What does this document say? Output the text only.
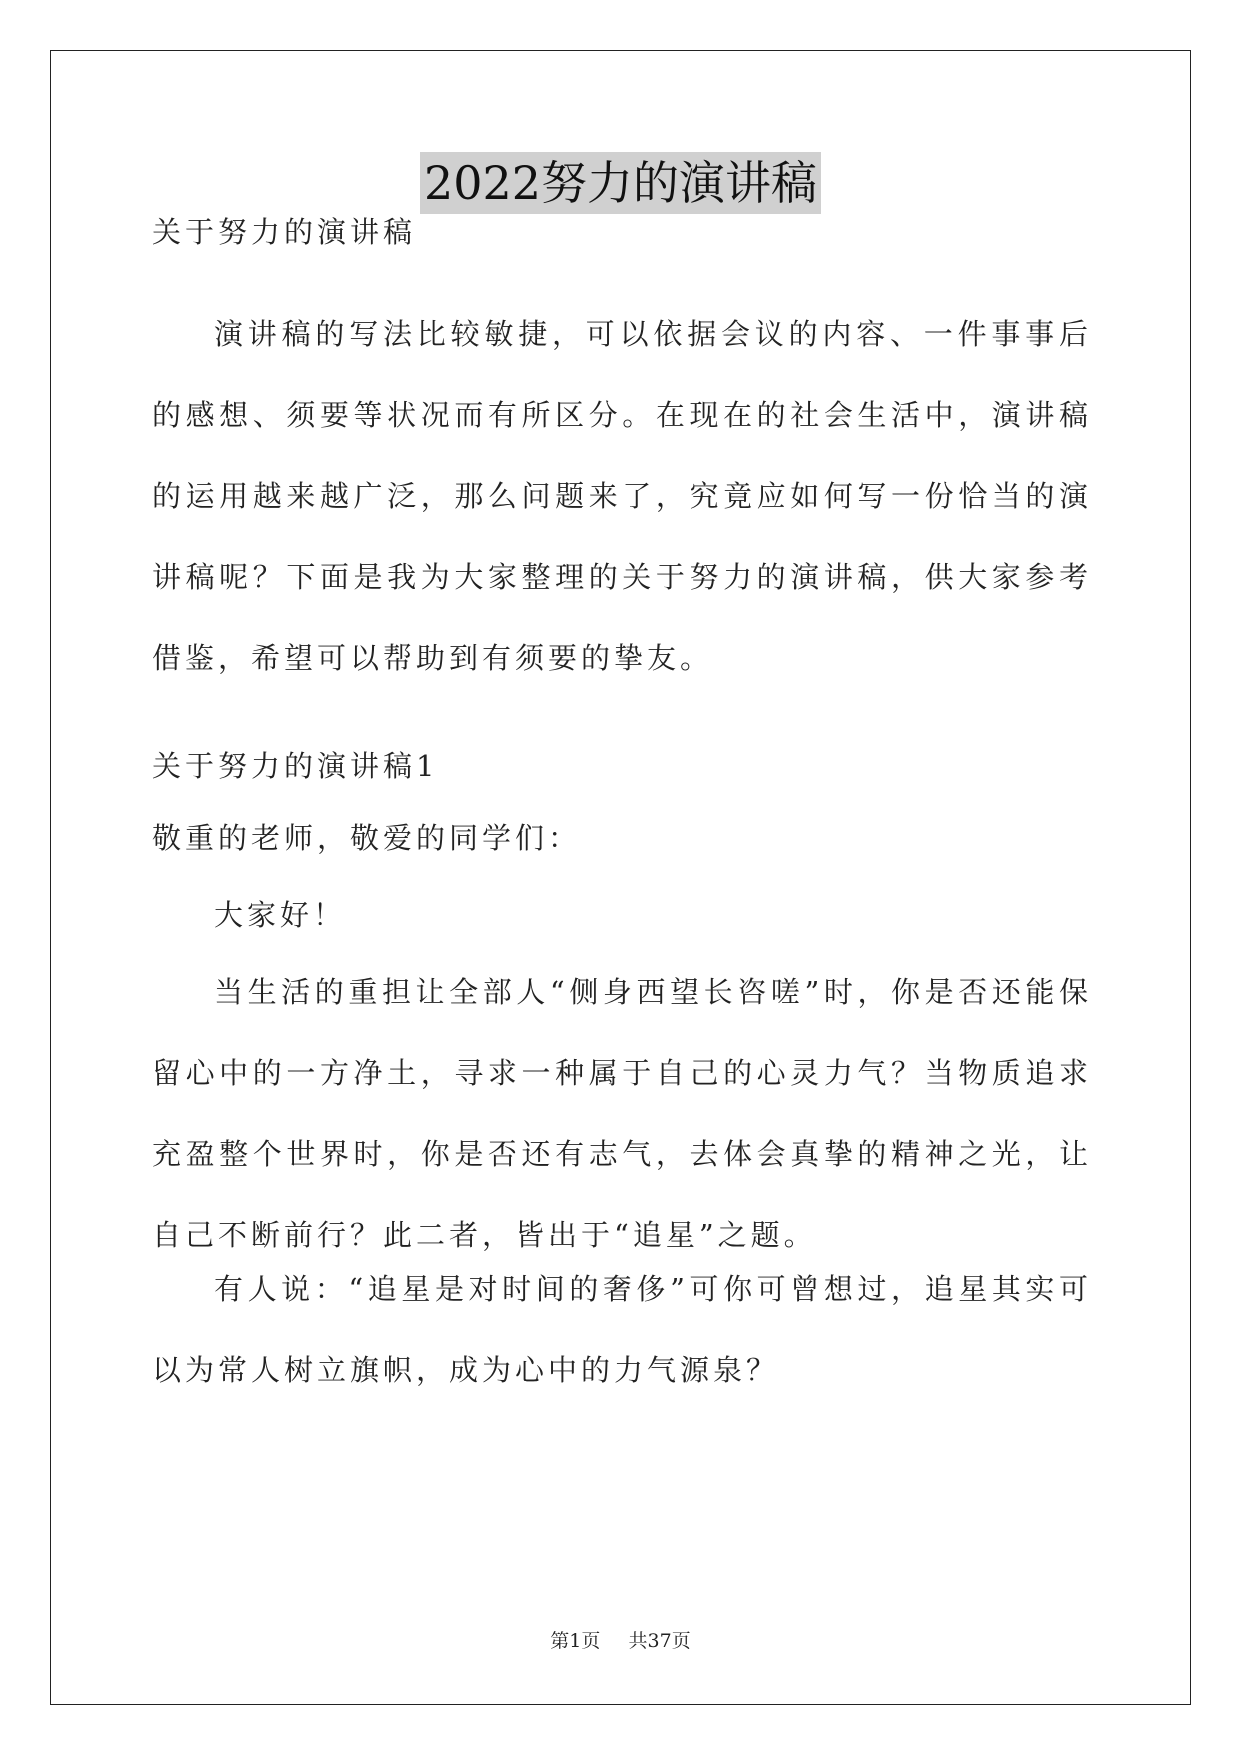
2022努力的演讲稿

关于努力的演讲稿

演讲稿的写法比较敏捷，可以依据会议的内容、一件事事后的感想、须要等状况而有所区分。在现在的社会生活中，演讲稿的运用越来越广泛，那么问题来了，究竟应如何写一份恰当的演讲稿呢？下面是我为大家整理的关于努力的演讲稿，供大家参考借鉴，希望可以帮助到有须要的挚友。

关于努力的演讲稿1

敬重的老师，敬爱的同学们：

大家好！

当生活的重担让全部人“侧身西望长咨嗟”时，你是否还能保留心中的一方净土，寻求一种属于自己的心灵力气？当物质追求充盈整个世界时，你是否还有志气，去体会真挚的精神之光，让自己不断前行？此二者，皆出于“追星”之题。

有人说：“追星是对时间的奢侈”可你可曾想过，追星其实可以为常人树立旗帜，成为心中的力气源泉？

第1页 共37页
